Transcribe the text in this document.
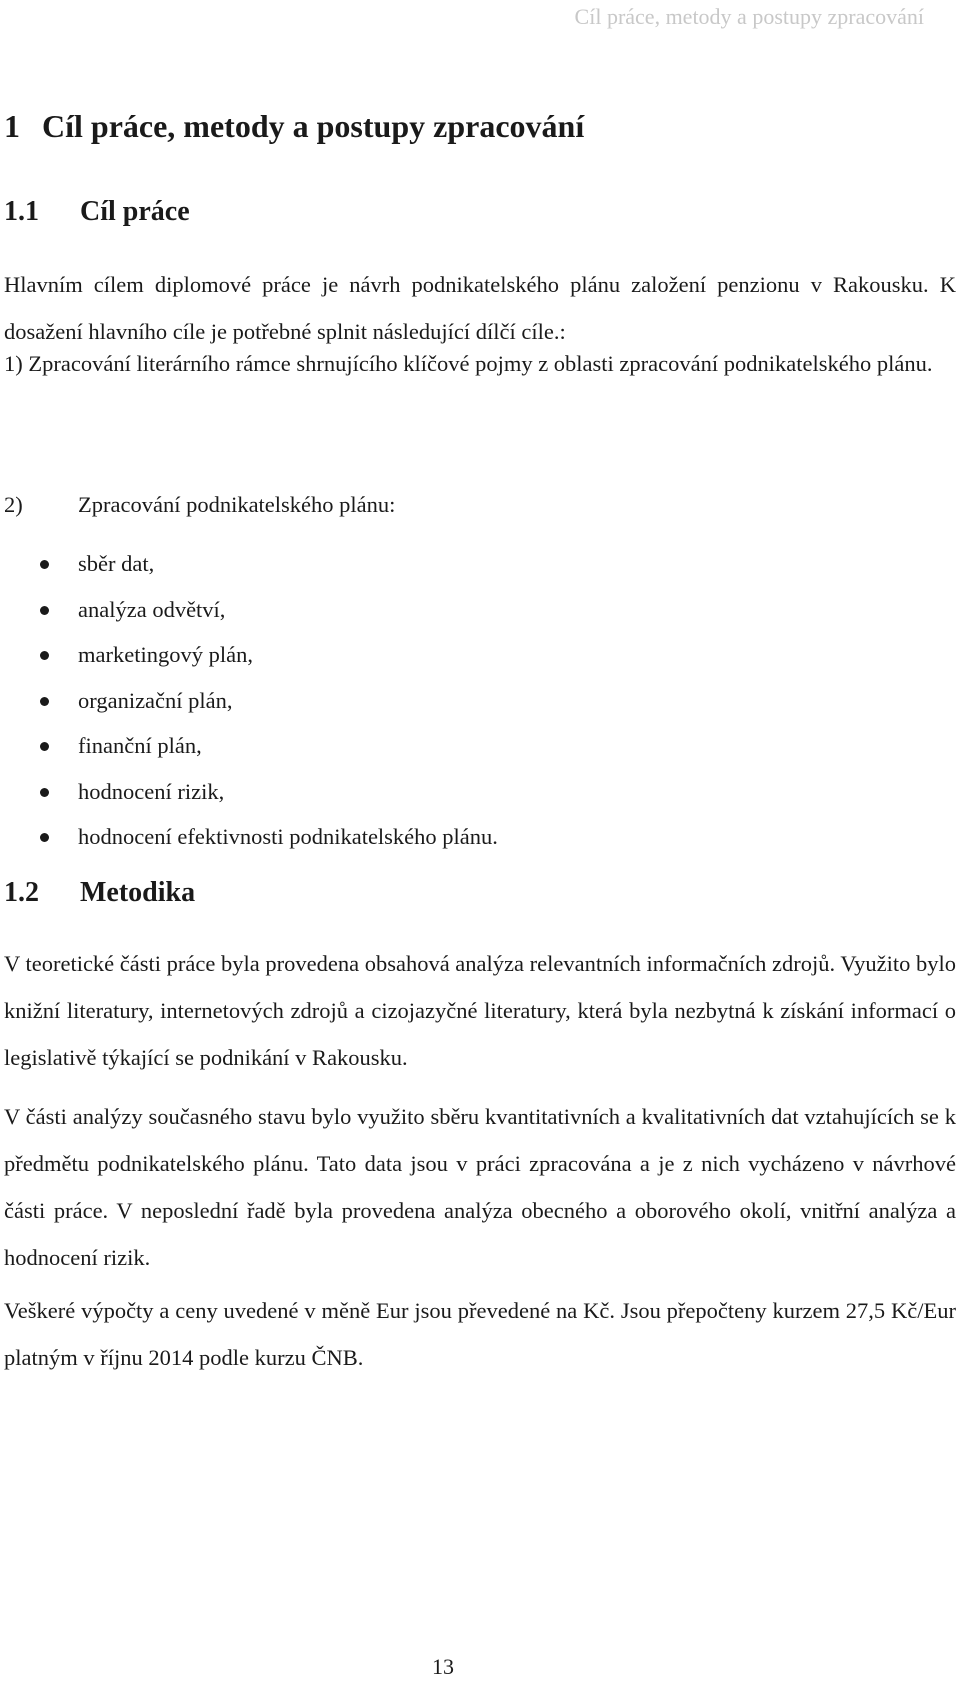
Cíl práce, metody a postupy zpracování
1 Cíl práce, metody a postupy zpracování
1.1 Cíl práce

Hlavním cílem diplomové práce je návrh podnikatelského plánu založení penzionu v Rakousku. K dosažení hlavního cíle je potřebné splnit následující dílčí cíle.:

1) Zpracování literárního rámce shrnujícího klíčové pojmy z oblasti zpracování podnikatelského plánu.

2) Zpracování podnikatelského plánu:

sběr dat,
analýza odvětví,
marketingový plán,
organizační plán,
finanční plán,
hodnocení rizik,
hodnocení efektivnosti podnikatelského plánu.
1.2 Metodika

V teoretické části práce byla provedena obsahová analýza relevantních informačních zdrojů. Využito bylo knižní literatury, internetových zdrojů a cizojazyčné literatury, která byla nezbytná k získání informací o legislativě týkající se podnikání v Rakousku.

V části analýzy současného stavu bylo využito sběru kvantitativních a kvalitativních dat vztahujících se k předmětu podnikatelského plánu. Tato data jsou v práci zpracována a je z nich vycházeno v návrhové části práce. V neposlední řadě byla provedena analýza obecného a oborového okolí, vnitřní analýza a hodnocení rizik.

Veškeré výpočty a ceny uvedené v měně Eur jsou převedené na Kč. Jsou přepočteny kurzem 27,5 Kč/Eur platným v říjnu 2014 podle kurzu ČNB.

13
